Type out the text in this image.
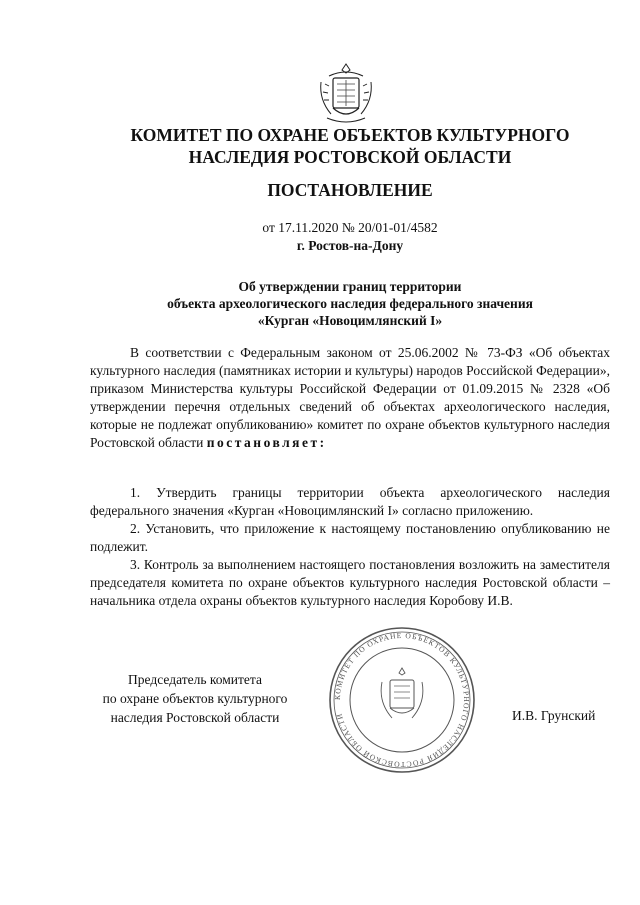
КОМИТЕТ ПО ОХРАНЕ ОБЪЕКТОВ КУЛЬТУРНОГО
НАСЛЕДИЯ РОСТОВСКОЙ ОБЛАСТИ
ПОСТАНОВЛЕНИЕ
от 17.11.2020 № 20/01-01/4582
г. Ростов-на-Дону
Об утверждении границ территории
объекта археологического наследия федерального значения
«Курган «Новоцимлянский I»

В соответствии с Федеральным законом от 25.06.2002 № 73-ФЗ «Об объектах культурного наследия (памятниках истории и культуры) народов Российской Федерации», приказом Министерства культуры Российской Федерации от 01.09.2015 № 2328 «Об утверждении перечня отдельных сведений об объектах археологического наследия, которые не подлежат опубликованию» комитет по охране объектов культурного наследия Ростовской области постановляет:

1. Утвердить границы территории объекта археологического наследия федерального значения «Курган «Новоцимлянский I» согласно приложению.

2. Установить, что приложение к настоящему постановлению опубликованию не подлежит.

3. Контроль за выполнением настоящего постановления возложить на заместителя председателя комитета по охране объектов культурного наследия Ростовской области – начальника отдела охраны объектов культурного наследия Коробову И.В.

Председатель комитета
по охране объектов культурного
наследия Ростовской области
КОМИТЕТ ПО ОХРАНЕ ОБЪЕКТОВ КУЛЬТУРНОГО НАСЛЕДИЯ РОСТОВСКОЙ ОБЛАСТИ	И.В. Грунский
